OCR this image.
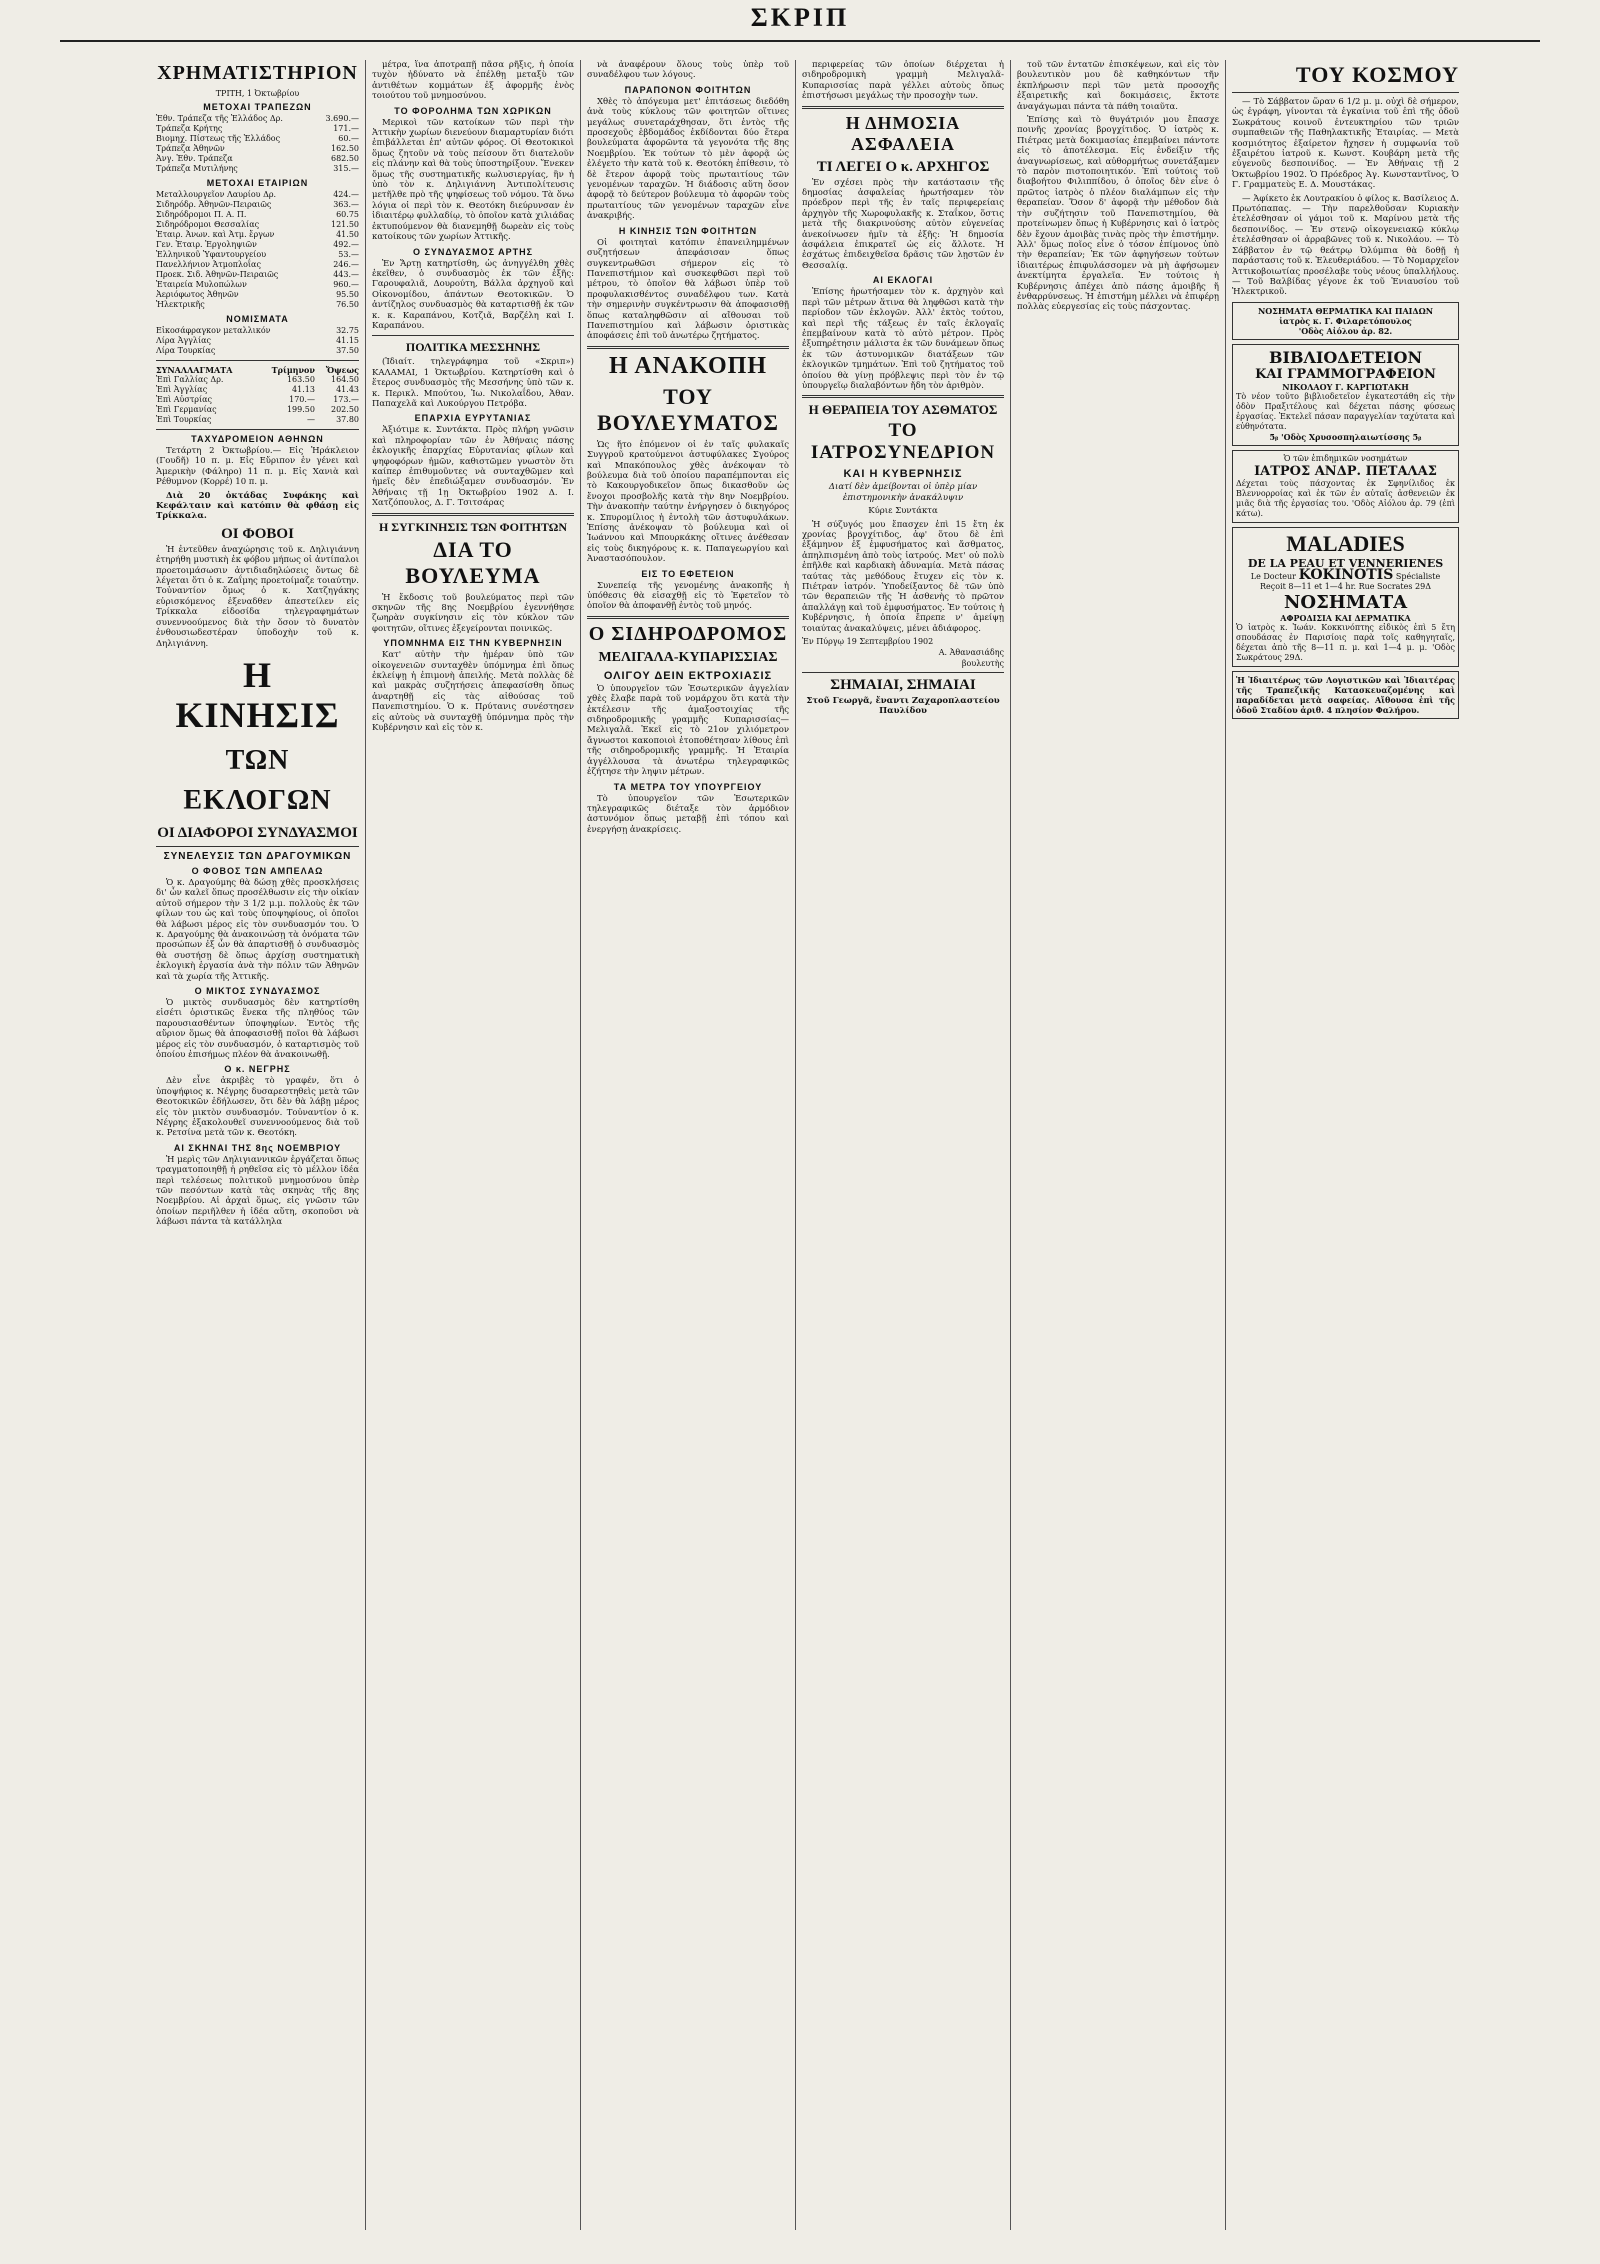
ΣΚΡΙΠ
ΧΡΗΜΑΤΙΣΤΗΡΙΟΝ
ΤΡΙΤΗ, 1 Ὀκτωβρίου
ΜΕΤΟΧΑΙ ΤΡΑΠΕΖΩΝ
Ἐθν. Τράπεζα τῆς Ἑλλάδος Δρ.	3.690.—
Τράπεζα Κρήτης	171.—
Βιομηχ. Πίστεως τῆς Ἑλλάδος	60.—
Τράπεζα Ἀθηνῶν	162.50
Ἀνγ. Ἐθν. Τράπεζα	682.50
Τράπεζα Μυτιλήνης	315.—
ΜΕΤΟΧΑΙ ΕΤΑΙΡΙΩΝ
Μεταλλουργεῖον Λαυρίου Δρ.	424.—
Σιδηρόδρ. Ἀθηνῶν-Πειραιῶς	363.—
Σιδηρόδρομοι Π. Α. Π.	60.75
Σιδηρόδρομοι Θεσσαλίας	121.50
Ἑταιρ. Ἀνων. καὶ Ἀτμ. ἔργων	41.50
Γεν. Ἑταιρ. Ἐργοληψιῶν	492.—
Ἑλληνικοῦ Ὑφαντουργείου	53.—
Πανελλήνιον Ἀτμοπλοΐας	246.—
Προεκ. Σιδ. Ἀθηνῶν-Πειραιῶς	443.—
Ἑταιρεία Μυλοπώλων	960.—
Ἀεριόφωτος Ἀθηνῶν	95.50
Ἠλεκτρικῆς	76.50
ΝΟΜΙΣΜΑΤΑ
Εἰκοσάφραγκον μεταλλικόν	32.75
Λίρα Ἀγγλίας	41.15
Λίρα Τουρκίας	37.50
ΣΥΝΑΛΛΑΓΜΑΤΑ	Τρίμηνον	Ὄψεως
Ἐπὶ Γαλλίας Δρ.	163.50	164.50
Ἐπὶ Ἀγγλίας	41.13	41.43
Ἐπὶ Αὐστρίας	170.—	173.—
Ἐπὶ Γερμανίας	199.50	202.50
Ἐπὶ Τουρκίας	—	37.80
ΤΑΧΥΔΡΟΜΕΙΟΝ ΑΘΗΝΩΝ

Τετάρτη 2 Ὀκτωβρίου.— Εἰς Ἡράκλειον (Γουδῆ) 10 π. μ. Εἰς Εὔριπον ἐν γένει καὶ Ἀμερικὴν (Φάληρο) 11 π. μ. Εἰς Χανιὰ καὶ Ρέθυμνον (Κορρέ) 10 π. μ.

Διὰ 20 ὀκτάδας Συφάκης καὶ Κεφάλταιν καὶ κατόπιν θὰ φθάσῃ εἰς Τρίκκαλα.

ΟΙ ΦΟΒΟΙ

Ἡ ἐντεῦθεν ἀναχώρησις τοῦ κ. Δηλιγιάννη ἐτηρήθη μυστικὴ ἐκ φόβου μήπως οἱ ἀντίπαλοι προετοιμάσωσιν ἀντιδιαδηλώσεις ὄντως δὲ λέγεται ὅτι ὁ κ. Ζαΐμης προετοίμαζε τοιαύτην. Τοὐναντίον ὅμως ὁ κ. Χατζηγάκης εὑρισκόμενος ἐξεναδθεν ἀπεστείλεν εἰς Τρίκκαλα εἰδοσίδα τηλεγραφημάτων συνεννοούμενος διὰ τὴν ὅσον τὸ δυνατὸν ἐνθουσιωδεστέραν ὑποδοχὴν τοῦ κ. Δηλιγιάννη.

Η ΚΙΝΗΣΙΣ
ΤΩΝ ΕΚΛΟΓΩΝ
ΟΙ ΔΙΑΦΟΡΟΙ ΣΥΝΔΥΑΣΜΟΙ
ΣΥΝΕΛΕΥΣΙΣ ΤΩΝ ΔΡΑΓΟΥΜΙΚΩΝ
Ο ΦΟΒΟΣ ΤΩΝ ΑΜΠΕΛΑΩ

Ὁ κ. Δραγούμης θὰ δώσῃ χθὲς προσκλήσεις δι' ὧν καλεῖ ὅπως προσέλθωσιν εἰς τὴν οἰκίαν αὐτοῦ σήμερον τὴν 3 1/2 μ.μ. πολλοὺς ἐκ τῶν φίλων του ὡς καὶ τοὺς ὑποψηφίους, οἱ ὁποῖοι θὰ λάβωσι μέρος εἰς τὸν συνδυασμόν του. Ὁ κ. Δραγούμης θὰ ἀνακοινώσῃ τὰ ὀνόματα τῶν προσώπων ἐξ ὧν θὰ ἀπαρτισθῇ ὁ συνδυασμὸς θὰ συστήσῃ δὲ ὅπως ἀρχίσῃ συστηματικὴ ἐκλογικὴ ἐργασία ἀνὰ τὴν πόλιν τῶν Ἀθηνῶν καὶ τὰ χωρία τῆς Ἀττικῆς.

Ο ΜΙΚΤΟΣ ΣΥΝΔΥΑΣΜΟΣ

Ὁ μικτὸς συνδυασμὸς δὲν κατηρτίσθη εἰσέτι ὁριστικῶς ἕνεκα τῆς πληθύος τῶν παρουσιασθέντων ὑποψηφίων. Ἐντὸς τῆς αὔριον ὅμως θὰ ἀποφασισθῇ ποῖοι θὰ λάβωσι μέρος εἰς τὸν συνδυασμόν, ὁ καταρτισμὸς τοῦ ὁποίου ἐπισήμως πλέον θὰ ἀνακοινωθῇ.

Ο κ. ΝΕΓΡΗΣ

Δὲν εἶνε ἀκριβὲς τὸ γραφέν, ὅτι ὁ ὑποψήφιος κ. Νέγρης δυσαρεστηθεὶς μετὰ τῶν Θεοτοκικῶν ἐδήλωσεν, ὅτι δὲν θὰ λάβῃ μέρος εἰς τὸν μικτὸν συνδυασμόν. Τοὐναντίον ὁ κ. Νέγρης ἐξακολουθεῖ συνεννοούμενος διὰ τοῦ κ. Ρετσίνα μετὰ τῶν κ. Θεοτόκη.

ΑΙ ΣΚΗΝΑΙ ΤΗΣ 8ης ΝΟΕΜΒΡΙΟΥ

Ἡ μερὶς τῶν Δηλιγιαννικῶν ἐργάζεται ὅπως τραγματοποιηθῇ ἡ ρηθεῖσα εἰς τὸ μέλλον ἰδέα περὶ τελέσεως πολιτικοῦ μνημοσύνου ὑπὲρ τῶν πεσόντων κατὰ τὰς σκηνὰς τῆς 8ης Νοεμβρίου. Αἱ ἀρχαὶ ὅμως, εἰς γνῶσιν τῶν ὁποίων περιῆλθεν ἡ ἰδέα αὕτη, σκοποῦσι νὰ λάβωσι πάντα τὰ κατάλληλα

μέτρα, ἵνα ἀποτραπῇ πᾶσα ρῆξις, ἡ ὁποία τυχὸν ἠδύνατο νὰ ἐπέλθῃ μεταξὺ τῶν ἀντιθέτων κομμάτων ἐξ ἀφορμῆς ἑνὸς τοιούτου τοῦ μνημοσύνου.

ΤΟ ΦΟΡΟΛΗΜΑ ΤΩΝ ΧΩΡΙΚΩΝ

Μερικοὶ τῶν κατοίκων τῶν περὶ τὴν Ἀττικὴν χωρίων διενεύουν διαμαρτυρίαν διότι ἐπιβάλλεται ἐπ' αὐτῶν φόρος. Οἱ Θεοτοκικοὶ ὅμως ζητοῦν νὰ τοὺς πείσουν ὅτι διατελοῦν εἰς πλάνην καὶ θὰ τοὺς ὑποστηρίξουν. Ἕνεκεν ὅμως τῆς συστηματικῆς κωλυσιεργίας, ἣν ἡ ὑπὸ τὸν κ. Δηλιγιάννη Ἀντιπολίτευσις μετῆλθε πρὸ τῆς ψηφίσεως τοῦ νόμου. Τὰ ὅνω λόγια οἱ περὶ τὸν κ. Θεοτόκη διεύρυνσαν ἐν ἰδιαιτέρῳ φυλλαδίῳ, τὸ ὁποῖον κατὰ χιλιάδας ἐκτυπούμενον θὰ διανεμηθῇ δωρεὰν εἰς τοὺς κατοίκους τῶν χωρίων Ἀττικῆς.

Ο ΣΥΝΔΥΑΣΜΟΣ ΑΡΤΗΣ

Ἐν Ἄρτῃ κατηρτίσθη, ὡς ἀνηγγέλθη χθὲς ἐκεῖθεν, ὁ συνδυασμὸς ἐκ τῶν ἑξῆς: Γαρουφαλιᾶ, Δουρούτη, Βάλλα ἀρχηγοῦ καὶ Οἰκονομίδου, ἀπάντων Θεοτοκικῶν. Ὁ ἀντίζηλος συνδυασμὸς θὰ καταρτισθῇ ἐκ τῶν κ. κ. Καραπάνου, Κοτζιᾶ, Βαρζέλη καὶ Ι. Καραπάνου.

ΠΟΛΙΤΙΚΑ ΜΕΣΣΗΝΗΣ

(Ἰδιαίτ. τηλεγράφημα τοῦ «Σκριπ») ΚΑΛΑΜΑΙ, 1 Ὀκτωβρίου. Κατηρτίσθη καὶ ὁ ἕτερος συνδυασμὸς τῆς Μεσσήνης ὑπὸ τῶν κ. κ. Περικλ. Μπούτου, Ἰω. Νικολαΐδου, Ἀθαν. Παπαχελᾶ καὶ Λυκούργου Πετρόβα.

ΕΠΑΡΧΙΑ ΕΥΡΥΤΑΝΙΑΣ

Ἀξιότιμε κ. Συντάκτα. Πρὸς πλήρη γνῶσιν καὶ πληροφορίαν τῶν ἐν Ἀθήναις πάσης ἐκλογικῆς ἐπαρχίας Εὐρυτανίας φίλων καὶ ψηφοφόρων ἡμῶν, καθιστῶμεν γνωστὸν ὅτι καίπερ ἐπιθυμοῦντες νὰ συνταχθῶμεν καὶ ἡμεῖς δὲν ἐπεδιώξαμεν συνδυασμόν. Ἐν Ἀθήναις τῇ 1ῃ Ὀκτωβρίου 1902 Δ. Ι. Χατζόπουλος, Δ. Γ. Τσιτσάρας

Η ΣΥΓΚΙΝΗΣΙΣ ΤΩΝ ΦΟΙΤΗΤΩΝ
ΔΙΑ ΤΟ ΒΟΥΛΕΥΜΑ

Ἡ ἔκδοσις τοῦ βουλεύματος περὶ τῶν σκηνῶν τῆς 8ης Νοεμβρίου ἐγεννήθησε ζωηρὰν συγκίνησιν εἰς τὸν κύκλον τῶν φοιτητῶν, οἵτινες ἐξεγείρονται ποινικῶς.

ΥΠΟΜΝΗΜΑ ΕΙΣ ΤΗΝ ΚΥΒΕΡΝΗΣΙΝ

Κατ' αὐτὴν τὴν ἡμέραν ὑπὸ τῶν οἰκογενειῶν συνταχθὲν ὑπόμνημα ἐπὶ ὅπως ἐκλείψῃ ἡ ἐπιμονὴ ἀπειλής. Μετὰ πολλὰς δὲ καὶ μακρὰς συζητήσεις ἀπεφασίσθη ὅπως ἀναρτηθῇ εἰς τὰς αἰθούσας τοῦ Πανεπιστημίου. Ὁ κ. Πρύτανις συνέστησεν εἰς αὐτοὺς νὰ συνταχθῇ ὑπόμνημα πρὸς τὴν Κυβέρνησιν καὶ εἰς τὸν κ.

νὰ ἀναφέρουν ὅλους τοὺς ὑπὲρ τοῦ συναδέλφου των λόγους.

ΠΑΡΑΠΟΝΟΝ ΦΟΙΤΗΤΩΝ

Χθὲς τὸ ἀπόγευμα μετ' ἐπιτάσεως διεδόθη ἀνὰ τοὺς κύκλους τῶν φοιτητῶν οἵτινες μεγάλως συνεταράχθησαν, ὅτι ἐντὸς τῆς προσεχοῦς ἑβδομάδος ἐκδίδονται δύο ἕτερα βουλεύματα ἀφορῶντα τὰ γεγονότα τῆς 8ης Νοεμβρίου. Ἐκ τούτων τὸ μὲν ἀφορᾷ ὡς ἐλέγετο τὴν κατὰ τοῦ κ. Θεοτόκη ἐπίθεσιν, τὸ δὲ ἕτερον ἀφορᾷ τοὺς πρωταιτίους τῶν γενομένων ταραχῶν. Ἡ διάδοσις αὕτη ὅσον ἀφορᾷ τὸ δεύτερον βούλευμα τὸ ἀφορῶν τοὺς πρωταιτίους τῶν γενομένων ταραχῶν εἶνε ἀνακριβής.

Η ΚΙΝΗΣΙΣ ΤΩΝ ΦΟΙΤΗΤΩΝ

Οἱ φοιτηταὶ κατόπιν ἐπανειλημμένων συζητήσεων ἀπεφάσισαν ὅπως συγκεντρωθῶσι σήμερον εἰς τὸ Πανεπιστήμιον καὶ συσκεφθῶσι περὶ τοῦ μέτρου, τὸ ὁποῖον θὰ λάβωσι ὑπὲρ τοῦ προφυλακισθέντος συναδέλφου των. Κατὰ τὴν σημερινὴν συγκέντρωσιν θὰ ἀποφασισθῇ ὅπως καταληφθῶσιν αἱ αἴθουσαι τοῦ Πανεπιστημίου καὶ λάβωσιν ὁριστικὰς ἀποφάσεις ἐπὶ τοῦ ἀνωτέρω ζητήματος.

Η ΑΝΑΚΟΠΗ
ΤΟΥ ΒΟΥΛΕΥΜΑΤΟΣ

Ὡς ἤτο ἑπόμενον οἱ ἐν ταῖς φυλακαῖς Συγγροῦ κρατούμενοι ἀστυφύλακες Σγούρος καὶ Μπακόπουλος χθὲς ἀνέκοψαν τὸ βούλευμα διὰ τοῦ ὁποίου παραπέμπονται εἰς τὸ Κακουργοδικεῖον ὅπως δικασθοῦν ὡς ἔνοχοι προσβολῆς κατὰ τὴν 8ην Νοεμβρίου. Τὴν ἀνακοπὴν ταύτην ἐνήργησεν ὁ δικηγόρος κ. Σπυρομίλιος ἡ ἐντολὴ τῶν ἀστυφυλάκων. Ἐπίσης ἀνέκοψαν τὸ βούλευμα καὶ οἱ Ἰωάννου καὶ Μπουρκάκης οἵτινες ἀνέθεσαν εἰς τοὺς δικηγόρους κ. κ. Παπαγεωργίου καὶ Ἀναστασόπουλον.

ΕΙΣ ΤΟ ΕΦΕΤΕΙΟΝ

Συνεπείᾳ τῆς γενομένης ἀνακοπῆς ἡ ὑπόθεσις θὰ εἰσαχθῇ εἰς τὸ Ἐφετεῖον τὸ ὁποῖον θὰ ἀποφανθῇ ἐντὸς τοῦ μηνός.

Ο ΣΙΔΗΡΟΔΡΟΜΟΣ
ΜΕΛΙΓΑΛΑ-ΚΥΠΑΡΙΣΣΙΑΣ
ΟΛΙΓΟΥ ΔΕΙΝ ΕΚΤΡΟΧΙΑΣΙΣ

Ὁ ὑπουργεῖον τῶν Ἐσωτερικῶν ἀγγελίαν χθὲς ἔλαβε παρὰ τοῦ νομάρχου ὅτι κατὰ τὴν ἐκτέλεσιν τῆς ἁμαξοστοιχίας τῆς σιδηροδρομικῆς γραμμῆς Κυπαρισσίας—Μελιγαλᾶ. Ἐκεῖ εἰς τὸ 21ον χιλιόμετρον ἄγνωστοι κακοποιοὶ ἐτοποθέτησαν λίθους ἐπὶ τῆς σιδηροδρομικῆς γραμμῆς. Ἡ Ἑταιρία ἀγγέλλουσα τὰ ἀνωτέρω τηλεγραφικῶς ἐζήτησε τὴν ληψιν μέτρων.

ΤΑ ΜΕΤΡΑ ΤΟΥ ΥΠΟΥΡΓΕΙΟΥ

Τὸ ὑπουργεῖον τῶν Ἐσωτερικῶν τηλεγραφικῶς διέταξε τὸν ἁρμόδιον ἀστυνόμον ὅπως μεταβῇ ἐπὶ τόπου καὶ ἐνεργήσῃ ἀνακρίσεις.

περιφερείας τῶν ὁποίων διέρχεται ἡ σιδηροδρομικὴ γραμμὴ Μελιγαλᾶ-Κυπαρισσίας παρὰ γέλλει αὐτοὺς ὅπως ἐπιστήσωσι μεγάλως τὴν προσοχὴν των.

Η ΔΗΜΟΣΙΑ ΑΣΦΑΛΕΙΑ
ΤΙ ΛΕΓΕΙ Ο κ. ΑΡΧΗΓΟΣ

Ἐν σχέσει πρὸς τὴν κατάστασιν τῆς δημοσίας ἀσφαλείας ἠρωτήσαμεν τὸν πρόεδρον περὶ τῆς ἐν ταῖς περιφερείαις ἀρχηγὸν τῆς Χωροφυλακῆς κ. Σταΐκον, ὅστις μετὰ τῆς διακρινούσης αὐτὸν εὐγενείας ἀνεκοίνωσεν ἡμῖν τὰ ἑξῆς: Ἡ δημοσία ἀσφάλεια ἐπικρατεῖ ὡς εἰς ἄλλοτε. Ἡ ἐσχάτως ἐπιδειχθεῖσα δρᾶσις τῶν λῃστῶν ἐν Θεσσαλίᾳ.

ΑΙ ΕΚΛΟΓΑΙ

Ἐπίσης ἠρωτήσαμεν τὸν κ. ἀρχηγὸν καὶ περὶ τῶν μέτρων ἅτινα θὰ ληφθῶσι κατὰ τὴν περίοδον τῶν ἐκλογῶν. Ἀλλ' ἐκτὸς τούτου, καὶ περὶ τῆς τάξεως ἐν ταῖς ἐκλογαῖς ἐπεμβαίνουν κατὰ τὸ αὐτὸ μέτρον. Πρὸς ἐξυπηρέτησιν μάλιστα ἐκ τῶν δυνάμεων ὅπως ἐκ τῶν ἀστυνομικῶν διατάξεων τῶν ἐκλογικῶν τμημάτων. Ἐπὶ τοῦ ζητήματος τοῦ ὁποίου θὰ γίνῃ πρόβλεψις περὶ τὸν ἐν τῷ ὑπουργεῖῳ διαλαβόντων ἤδη τὸν ἀριθμὸν.

Η ΘΕΡΑΠΕΙΑ ΤΟΥ ΑΣΘΜΑΤΟΣ
ΤΟ ΙΑΤΡΟΣΥΝΕΔΡΙΟΝ
ΚΑΙ Η ΚΥΒΕΡΝΗΣΙΣ

Διατί δὲν ἀμείβονται οἱ ὑπὲρ μίαν ἐπιστημονικὴν ἀνακάλυψιν

Κύριε Συντάκτα

Ἡ σύζυγός μου ἔπασχεν ἐπὶ 15 ἔτη ἐκ χρονίας βρογχίτιδος, ἀφ' ὅτου δὲ ἐπὶ ἑξάμηνον ἐξ ἐμφυσήματος καὶ ἄσθματος, ἀπηλπισμένη ἀπὸ τοὺς ἰατρούς. Μετ' οὐ πολὺ ἐπῆλθε καὶ καρδιακὴ ἀδυναμία. Μετὰ πάσας ταύτας τὰς μεθόδους ἔτυχεν εἰς τὸν κ. Πιέτραν ἰατρόν. Ὑποδείξαντος δὲ τῶν ὑπὸ τῶν θεραπειῶν τῆς Ἡ ἀσθενὴς τὸ πρῶτον ἀπαλλάγῃ καὶ τοῦ ἐμφυσήματος. Ἐν τούτοις ἡ Κυβέρνησις, ἡ ὁποία ἔπρεπε ν' ἀμείψῃ τοιαύτας ἀνακαλύψεις, μένει ἀδιάφορος.

Ἐν Πύργῳ 19 Σεπτεμβρίου 1902
Α. Ἀθανασιάδης
βουλευτὴς
ΣΗΜΑΙΑΙ, ΣΗΜΑΙΑΙ

Στοῦ Γεωργᾶ, ἔναντι Ζαχαροπλαστείου Παυλίδου

τοῦ τῶν ἐντατῶν ἐπισκέψεων, καὶ εἰς τὸν βουλευτικὸν μου δὲ καθηκόντων τῆν ἐκπλήρωσιν περὶ τῶν μετὰ προσοχῆς ἐξαιρετικῆς καὶ δοκιμάσεις, ἔκτοτε ἀναγάγωμαι πάντα τὰ πάθη τοιαῦτα.

Ἐπίσης καὶ τὸ θυγάτριόν μου ἔπασχε ποινῆς χρονίας βρογχίτιδος. Ὁ ἰατρὸς κ. Πιέτρας μετὰ δοκιμασίας ἐπεμβαίνει πάντοτε εἰς τὸ ἀποτέλεσμα. Εἰς ἐνδείξιν τῆς ἀναγνωρίσεως, καὶ αὐθορμήτως συνετάξαμεν τὸ παρὸν πιστοποιητικόν. Ἐπὶ τούτοις τοῦ διαβοήτου Φιλιππίδου, ὁ ὁποῖος δὲν εἶνε ὁ πρῶτος ἰατρὸς ὁ πλέον διαλάμπων εἰς τὴν θεραπείαν. Ὅσον δ' ἀφορᾷ τὴν μέθοδον διὰ τὴν συζήτησιν τοῦ Πανεπιστημίου, θὰ προτείνωμεν ὅπως ἡ Κυβέρνησις καὶ ὁ ἰατρὸς δὲν ἔχουν ἀμοιβὰς τινὰς πρὸς τὴν ἐπιστήμην. Ἀλλ' ὅμως ποῖος εἶνε ὁ τόσον ἐπίμονος ὑπὸ τὴν θεραπείαν; Ἐκ τῶν ἀφηγήσεων τούτων ἰδιαιτέρως ἐπιφυλάσσομεν νὰ μὴ ἀφήσωμεν ἀνεκτίμητα ἐργαλεῖα. Ἐν τούτοις ἡ Κυβέρνησις ἀπέχει ἀπὸ πάσης ἀμοιβῆς ἤ ἐνθαρρύνσεως. Ἡ ἐπιστήμη μέλλει νὰ ἐπιφέρῃ πολλὰς εὐεργεσίας εἰς τοὺς πάσχοντας.

ΤΟΥ ΚΟΣΜΟΥ

— Τὸ Σάββατον ὥραν 6 1/2 μ. μ. οὐχὶ δὲ σήμερον, ὡς ἐγράφη, γίνονται τὰ ἐγκαίνια τοῦ ἐπὶ τῆς ὁδοῦ Σωκράτους κοινοῦ ἐντευκτηρίου τῶν τριῶν συμπαθειῶν τῆς Παθηλακτικῆς Ἑταιρίας. — Μετὰ κοσμιότητος ἐξαίρετον ἤχησεν ἡ συμφωνία τοῦ ἐξαιρέτου ἰατροῦ κ. Κωνστ. Κουβάρη μετὰ τῆς εὐγενοῦς δεσποινίδος. — Ἐν Ἀθήναις τῇ 2 Ὀκτωβρίου 1902. Ὁ Πρόεδρος Ἀγ. Κωνσταντῖνος, Ὁ Γ. Γραμματεὺς Ε. Δ. Μουστάκας.

— Ἀφίκετο ἐκ Λουτρακίου ὁ φίλος κ. Βασίλειος Δ. Πρωτόπαπας. — Τὴν παρελθοῦσαν Κυριακὴν ἐτελέσθησαν οἱ γάμοι τοῦ κ. Μαρίνου μετὰ τῆς δεσποινίδος. — Ἐν στενῷ οἰκογενειακῷ κύκλῳ ἐτελέσθησαν οἱ ἀρραβῶνες τοῦ κ. Νικολάου. — Τὸ Σάββατον ἐν τῷ θεάτρῳ Ὀλύμπια θὰ δοθῇ ἡ παράστασις τοῦ κ. Ἑλευθεριάδου. — Τὸ Νομαρχεῖον Ἀττικοβοιωτίας προσέλαβε τοὺς νέους ὑπαλλήλους. — Τοῦ Βαλβίδας γέγονε ἐκ τοῦ Ἐνιαυσίου τοῦ Ἠλεκτρικοῦ.

ΝΟΣΗΜΑΤΑ ΘΕΡΜΑΤΙΚΑ ΚΑΙ ΠΑΙΔΩΝ
ἰατρὸς κ. Γ. Φιλαρετόπουλος
'Οδὸς Αἰόλου ἀρ. 82.
ΒΙΒΛΙΟΔΕΤΕΙΟΝ
ΚΑΙ ΓΡΑΜΜΟΓΡΑΦΕΙΟΝ
ΝΙΚΟΛΑΟΥ Γ. ΚΑΡΓΙΩΤΑΚΗ
Τὸ νέον τοῦτο βιβλιοδετεῖον ἐγκατεστάθη εἰς τὴν ὁδὸν Πραξιτέλους καὶ δέχεται πάσης φύσεως ἐργασίας. Ἐκτελεῖ πάσαν παραγγελίαν ταχύτατα καὶ εὐθηνότατα.
5ᵦ 'Οδὸς Χρυσοσπηλαιωτίσσης 5ᵦ
Ὁ τῶν ἐπιδημικῶν νοσημάτων
ΙΑΤΡΟΣ ΑΝΔΡ. ΠΕΤΑΛΑΣ
Δέχεται τοὺς πάσχοντας ἐκ Σφηνίλιδος ἐκ Βλεννορροίας καὶ ἐκ τῶν ἐν αὐταῖς ἀσθενειῶν ἐκ μιᾶς διὰ τῆς ἐργασίας του. 'Οδὸς Αἰόλου ἀρ. 79 (ἐπὶ κάτω).
MALADIES
DE LA PEAU ET VENNERIENES
Le Docteur KOKINOTIS Spécialiste
Reçoit 8—11 et 1—4 hr. Rue Socrates 29Δ
ΝΟΣΗΜΑΤΑ
ΑΦΡΟΔΙΣΙΑ ΚΑΙ ΔΕΡΜΑΤΙΚΑ
Ὁ ἰατρὸς κ. Ἰωάν. Κοκκινόπτης εἰδικὸς ἐπὶ 5 ἔτη σπουδάσας ἐν Παρισίοις παρὰ τοῖς καθηγηταῖς, δέχεται ἀπὸ τῆς 8—11 π. μ. καὶ 1—4 μ. μ. 'Οδὸς Σωκράτους 29Δ.
Ἡ Ἰδιαιτέρως τῶν Λογιστικῶν καὶ Ἰδιαιτέρας τῆς Τραπεζικῆς Κατασκευαζομένης καὶ παραδίδεται μετὰ σαφείας. Αἴθουσα ἐπὶ τῆς ὁδοῦ Σταδίου ἀριθ. 4 πλησίον Φαλήρου.
